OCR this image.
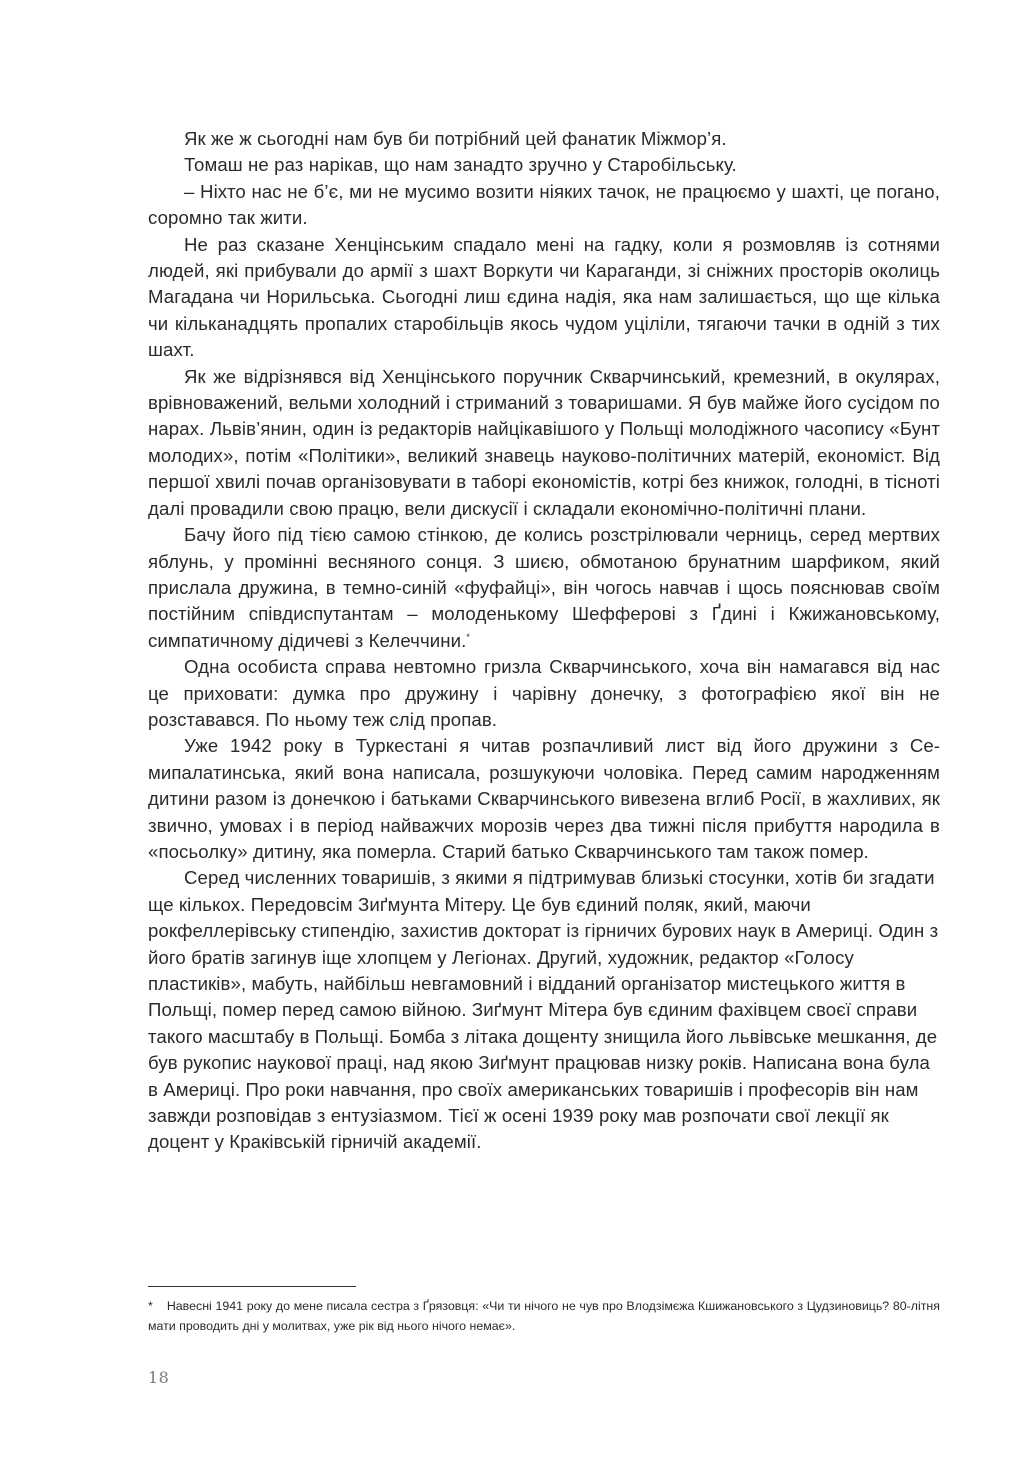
Як же ж сьогодні нам був би потрібний цей фанатик Міжмор’я.

Томаш не раз нарікав, що нам занадто зручно у Старобільську.

– Ніхто нас не б’є, ми не мусимо возити ніяких тачок, не працюємо у шахті, це погано, соромно так жити.

Не раз сказане Хенцінським спадало мені на гадку, коли я розмовляв із сотнями людей, які прибували до армії з шахт Воркути чи Караганди, зі сніжних просторів околиць Магадана чи Норильська. Сьогодні лиш єдина надія, яка нам залишається, що ще кілька чи кільканадцять пропалих старобільців якось чудом уціліли, тягаючи тачки в одній з тих шахт.

Як же відрізнявся від Хенцінського поручник Скварчинський, кремезний, в окулярах, врівноважений, вельми холодний і стриманий з товаришами. Я був майже його сусідом по нарах. Львів’янин, один із редакторів найцікавішого у Польщі молодіжного часопису «Бунт молодих», потім «Політики», великий знавець науково-політичних матерій, економіст. Від першої хвилі почав організовувати в таборі економістів, котрі без книжок, голодні, в тісноті далі провадили свою працю, вели дискусії і складали економічно-політичні плани.

Бачу його під тією самою стінкою, де колись розстрілювали черниць, серед мертвих яблунь, у промінні весняного сонця. З шиєю, обмотаною брунатним шарфиком, який прислала дружина, в темно-синій «фуфайці», він чогось навчав і щось пояснював своїм постійним співдиспутантам – молоденькому Шефферові з Ґдині і Кжижановському, симпатичному дідичеві з Келеччини.*

Одна особиста справа невтомно гризла Скварчинського, хоча він намагався від нас це приховати: думка про дружину і чарівну донечку, з фотографією якої він не розставався. По ньому теж слід пропав.

Уже 1942 року в Туркестані я читав розпачливий лист від його дружини з Семипалатинська, який вона написала, розшукуючи чоловіка. Перед самим народженням дитини разом із донечкою і батьками Скварчинського вивезена вглиб Росії, в жахливих, як звично, умовах і в період найважчих морозів через два тижні після прибуття народила в «посьолку» дитину, яка померла. Старий батько Скварчинського там також помер.

Серед численних товаришів, з якими я підтримував близькі стосунки, хотів би згадати ще кількох. Передовсім Зиґмунта Мітеру. Це був єдиний поляк, який, маючи рокфеллерівську стипендію, захистив докторат із гірничих бурових наук в Америці. Один з його братів загинув іще хлопцем у Легіонах. Другий, художник, редактор «Голосу пластиків», мабуть, найбільш невгамовний і відданий організатор мистецького життя в Польщі, помер перед самою війною. Зиґмунт Мітера був єдиним фахівцем своєї справи такого масштабу в Польщі. Бомба з літака дощенту знищила його львівське мешкання, де був рукопис наукової праці, над якою Зиґмунт працював низку років. Написана вона була в Америці. Про роки навчання, про своїх американських товаришів і професорів він нам завжди розповідав з ентузіазмом. Тієї ж осені 1939 року мав розпочати свої лекції як доцент у Краківській гірничій академії.

* Навесні 1941 року до мене писала сестра з Ґрязовця: «Чи ти нічого не чув про Влодзімєжа Кшижановського з Цудзиновиць? 80-літня мати проводить дні у молитвах, уже рік від нього нічого немає».
18
